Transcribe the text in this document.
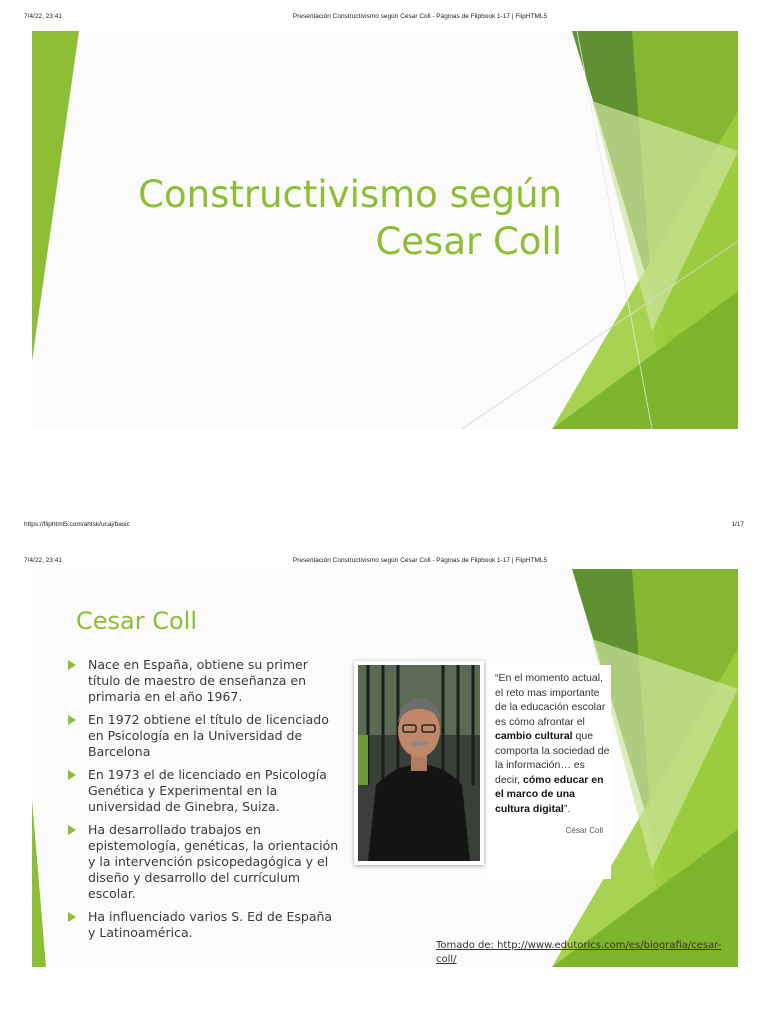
7/4/22, 23:41	Presentación Constructivismo según Cesar Coll - Páginas de Flipbook 1-17 | FlipHTML5
Constructivismo según
Cesar Coll
https://fliphtml5.com/ahtsk/ucaj/basic	1/17
7/4/22, 23:41	Presentación Constructivismo según Cesar Coll - Páginas de Flipbook 1-17 | FlipHTML5
Cesar Coll
Nace en España, obtiene su primer título de maestro de enseñanza en primaria en el año 1967.
En 1972 obtiene el título de licenciado en Psicología en la Universidad de Barcelona
En 1973 el de licenciado en Psicología Genética y Experimental en la universidad de Ginebra, Suiza.
Ha desarrollado trabajos en epistemología, genéticas, la orientación y la intervención psicopedagógica y el diseño y desarrollo del currículum escolar.
Ha influenciado varios S. Ed de España y Latinoamérica.
“En el momento actual, el reto mas importante de la educación escolar es cómo afrontar el cambio cultural que comporta la sociedad de la información… es decir, cómo educar en el marco de una cultura digital”.
César Coll
Tomado de: http://www.edutorics.com/es/biografia/cesar-coll/
